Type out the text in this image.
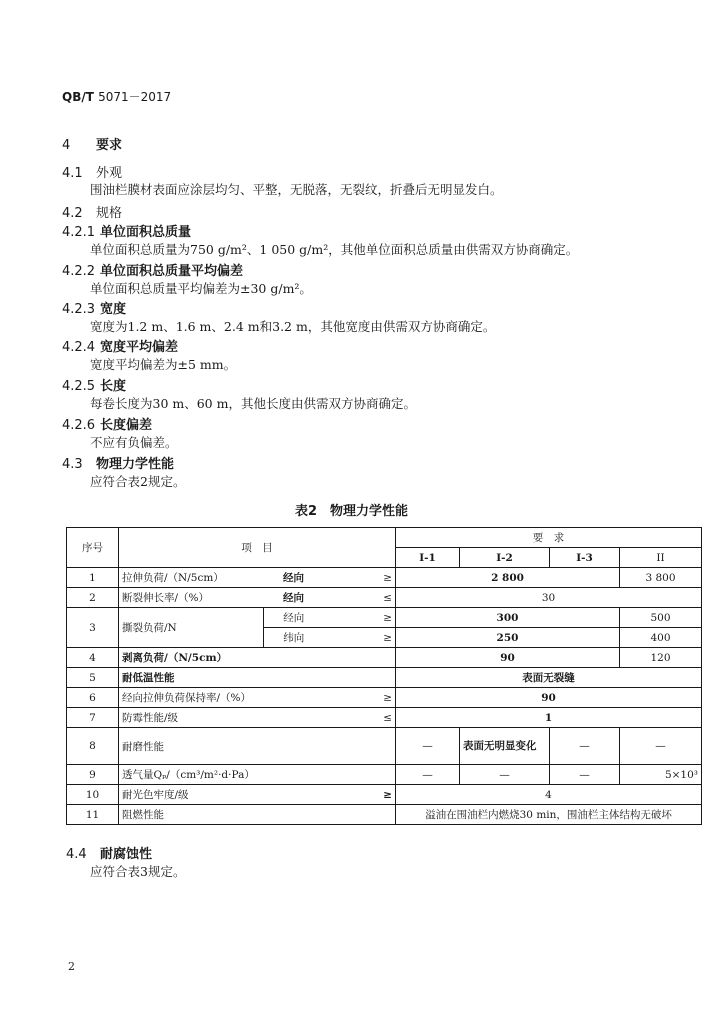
QB/T 5071－2017
4 要求
4.1 外观
围油栏膜材表面应涂层均匀、平整，无脱落，无裂纹，折叠后无明显发白。
4.2 规格
4.2.1 单位面积总质量
单位面积总质量为750 g/m²、1 050 g/m²，其他单位面积总质量由供需双方协商确定。
4.2.2 单位面积总质量平均偏差
单位面积总质量平均偏差为±30 g/m²。
4.2.3 宽度
宽度为1.2 m、1.6 m、2.4 m和3.2 m，其他宽度由供需双方协商确定。
4.2.4 宽度平均偏差
宽度平均偏差为±5 mm。
4.2.5 长度
每卷长度为30 m、60 m，其他长度由供需双方协商确定。
4.2.6 长度偏差
不应有负偏差。
4.3 物理力学性能
应符合表2规定。
表2　物理力学性能
序号	项　目			要　求			
				I-1	I-2	I-3	II
1	拉伸负荷/（N/5cm）	经向	≥	2 800			3 800
2	断裂伸长率/（%）	经向	≤	30			
3	撕裂负荷/N	经向	≥	300			500
		纬向	≥	250			400
4	剥离负荷/（N/5cm）			90			120
5	耐低温性能			表面无裂缝			
6	经向拉伸负荷保持率/（%）		≥	90			
7	防霉性能/级		≤	1			
8	耐磨性能			—	表面无明显变化	—	—
9	透气量Qₚ/（cm³/m²·d·Pa）			—	—	—	5×10³
10	耐光色牢度/级		≥	4			
11	阻燃性能			溢油在围油栏内燃烧30 min，围油栏主体结构无破坏			
4.4 耐腐蚀性
应符合表3规定。
2
